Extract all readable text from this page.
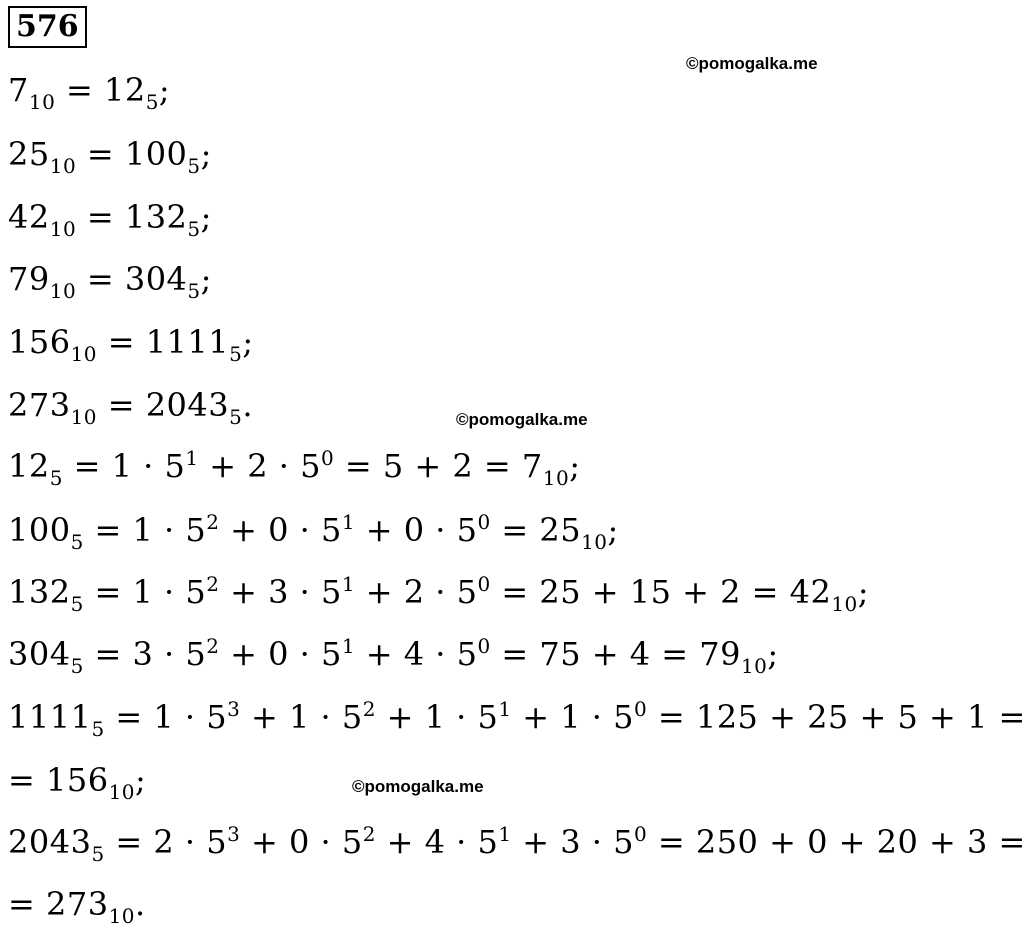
576
©pomogalka.me
©pomogalka.me
©pomogalka.me
$7_{10} = 12_5$;
$25_{10} = 100_5$;
$42_{10} = 132_5$;
$79_{10} = 304_5$;
$156_{10} = 1111_5$;
$273_{10} = 2043_5$.
$12_5 = 1 \cdot 5^1 + 2 \cdot 5^0 = 5 + 2 = 7_{10}$;
$100_5 = 1 \cdot 5^2 + 0 \cdot 5^1 + 0 \cdot 5^0 = 25_{10}$;
$132_5 = 1 \cdot 5^2 + 3 \cdot 5^1 + 2 \cdot 5^0 = 25 + 15 + 2 = 42_{10}$;
$304_5 = 3 \cdot 5^2 + 0 \cdot 5^1 + 4 \cdot 5^0 = 75 + 4 = 79_{10}$;
$1111_5 = 1 \cdot 5^3 + 1 \cdot 5^2 + 1 \cdot 5^1 + 1 \cdot 5^0 = 125 + 25 + 5 + 1$ =
= $156_{10}$;
$2043_5 = 2 \cdot 5^3 + 0 \cdot 5^2 + 4 \cdot 5^1 + 3 \cdot 5^0 = 250 + 0 + 20 + 3$ =
= $273_{10}$.
